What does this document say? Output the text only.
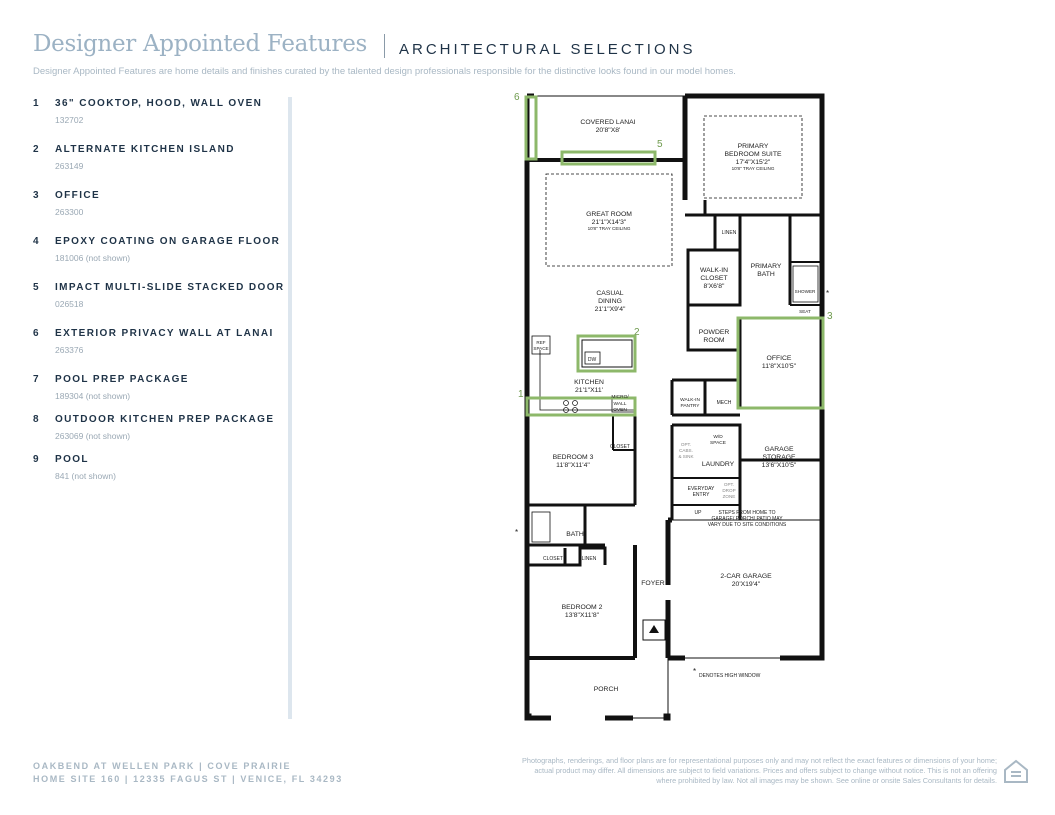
Designer Appointed Features ARCHITECTURAL SELECTIONS
Designer Appointed Features are home details and finishes curated by the talented design professionals responsible for the distinctive looks found in our model homes.
1 36" COOKTOP, HOOD, WALL OVEN
132702
2 ALTERNATE KITCHEN ISLAND
263149
3 OFFICE
263300
4 EPOXY COATING ON GARAGE FLOOR
181006 (not shown)
5 IMPACT MULTI-SLIDE STACKED DOOR
026518
6 EXTERIOR PRIVACY WALL AT LANAI
263376
7 POOL PREP PACKAGE
189304 (not shown)
8 OUTDOOR KITCHEN PREP PACKAGE
263069 (not shown)
9 POOL
841 (not shown)
6
5
2
3
1
COVERED LANAI
20'8"X8'
PRIMARY
BEDROOM SUITE
17'4"X15'2"
10'8" TRAY CEILING
GREAT ROOM
21'1"X14'3"
10'8" TRAY CEILING
LINEN
PRIMARY
BATH
WALK-IN
CLOSET
8'X6'8"
SHOWER
SEAT
CASUAL
DINING
21'1"X9'4"
POWDER
ROOM
OFFICE
11'8"X10'5"
REF
SPACE
DW
KITCHEN
21'1"X11'
MICRO/
WALL
OVEN
WALK-IN
PANTRY
MECH
BEDROOM 3
11'8"X11'4"
CLOSET	OPT.
CABS.
& SINK
W/D
SPACE
LAUNDRY
GARAGE
STORAGE
13'6"X10'5"
EVERYDAY
ENTRY
OPT.
DROP
ZONE
UP	STEPS FROM HOME TO
GARAGE/ PORCH/ PATIO MAY
VARY DUE TO SITE CONDITIONS
BATH
CLOSET	LINEN
FOYER
2-CAR GARAGE
20'X19'4"
BEDROOM 2
13'8"X11'8"
PORCH
DENOTES HIGH WINDOW
*
*
*
OAKBEND AT WELLEN PARK | COVE PRAIRIE
HOME SITE 160 | 12335 FAGUS ST | VENICE, FL 34293
Photographs, renderings, and floor plans are for representational purposes only and may not reflect the exact features or dimensions of your home; actual product may differ. All dimensions are subject to field variations. Prices and offers subject to change without notice. This is not an offering where prohibited by law. Not all images may be shown. See online or onsite Sales Consultants for details.
